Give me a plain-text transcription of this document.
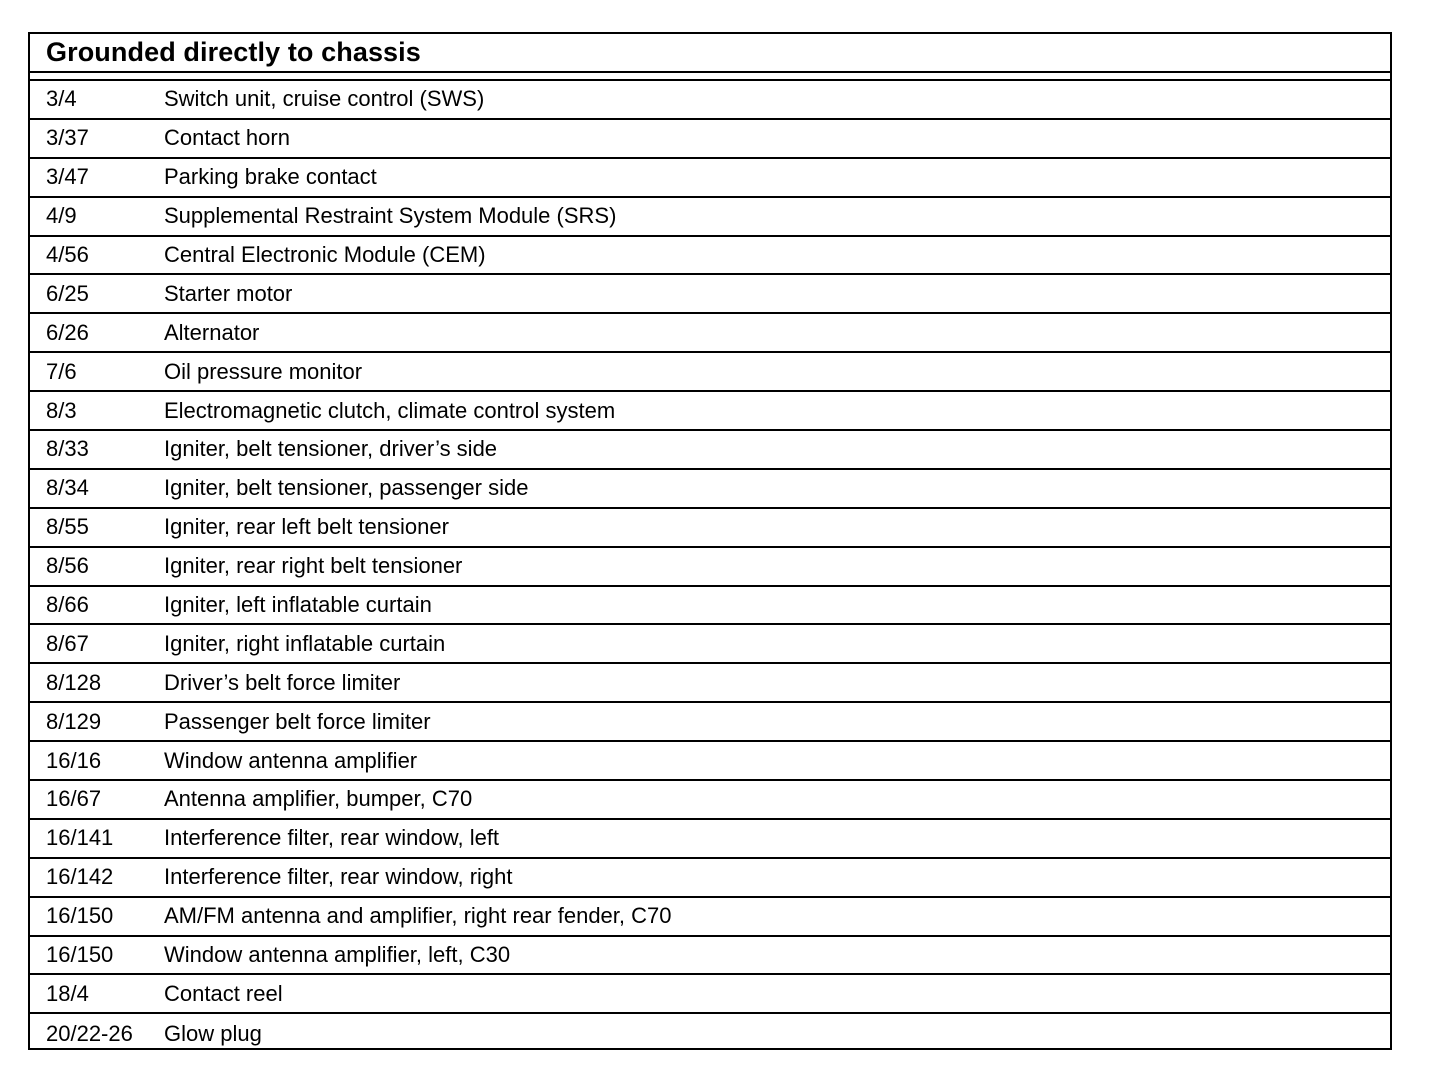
Grounded directly to chassis
3/4	Switch unit, cruise control (SWS)
3/37	Contact horn
3/47	Parking brake contact
4/9	Supplemental Restraint System Module (SRS)
4/56	Central Electronic Module (CEM)
6/25	Starter motor
6/26	Alternator
7/6	Oil pressure monitor
8/3	Electromagnetic clutch, climate control system
8/33	Igniter, belt tensioner, driver’s side
8/34	Igniter, belt tensioner, passenger side
8/55	Igniter, rear left belt tensioner
8/56	Igniter, rear right belt tensioner
8/66	Igniter, left inflatable curtain
8/67	Igniter, right inflatable curtain
8/128	Driver’s belt force limiter
8/129	Passenger belt force limiter
16/16	Window antenna amplifier
16/67	Antenna amplifier, bumper, C70
16/141	Interference filter, rear window, left
16/142	Interference filter, rear window, right
16/150	AM/FM antenna and amplifier, right rear fender, C70
16/150	Window antenna amplifier, left, C30
18/4	Contact reel
20/22-26	Glow plug
